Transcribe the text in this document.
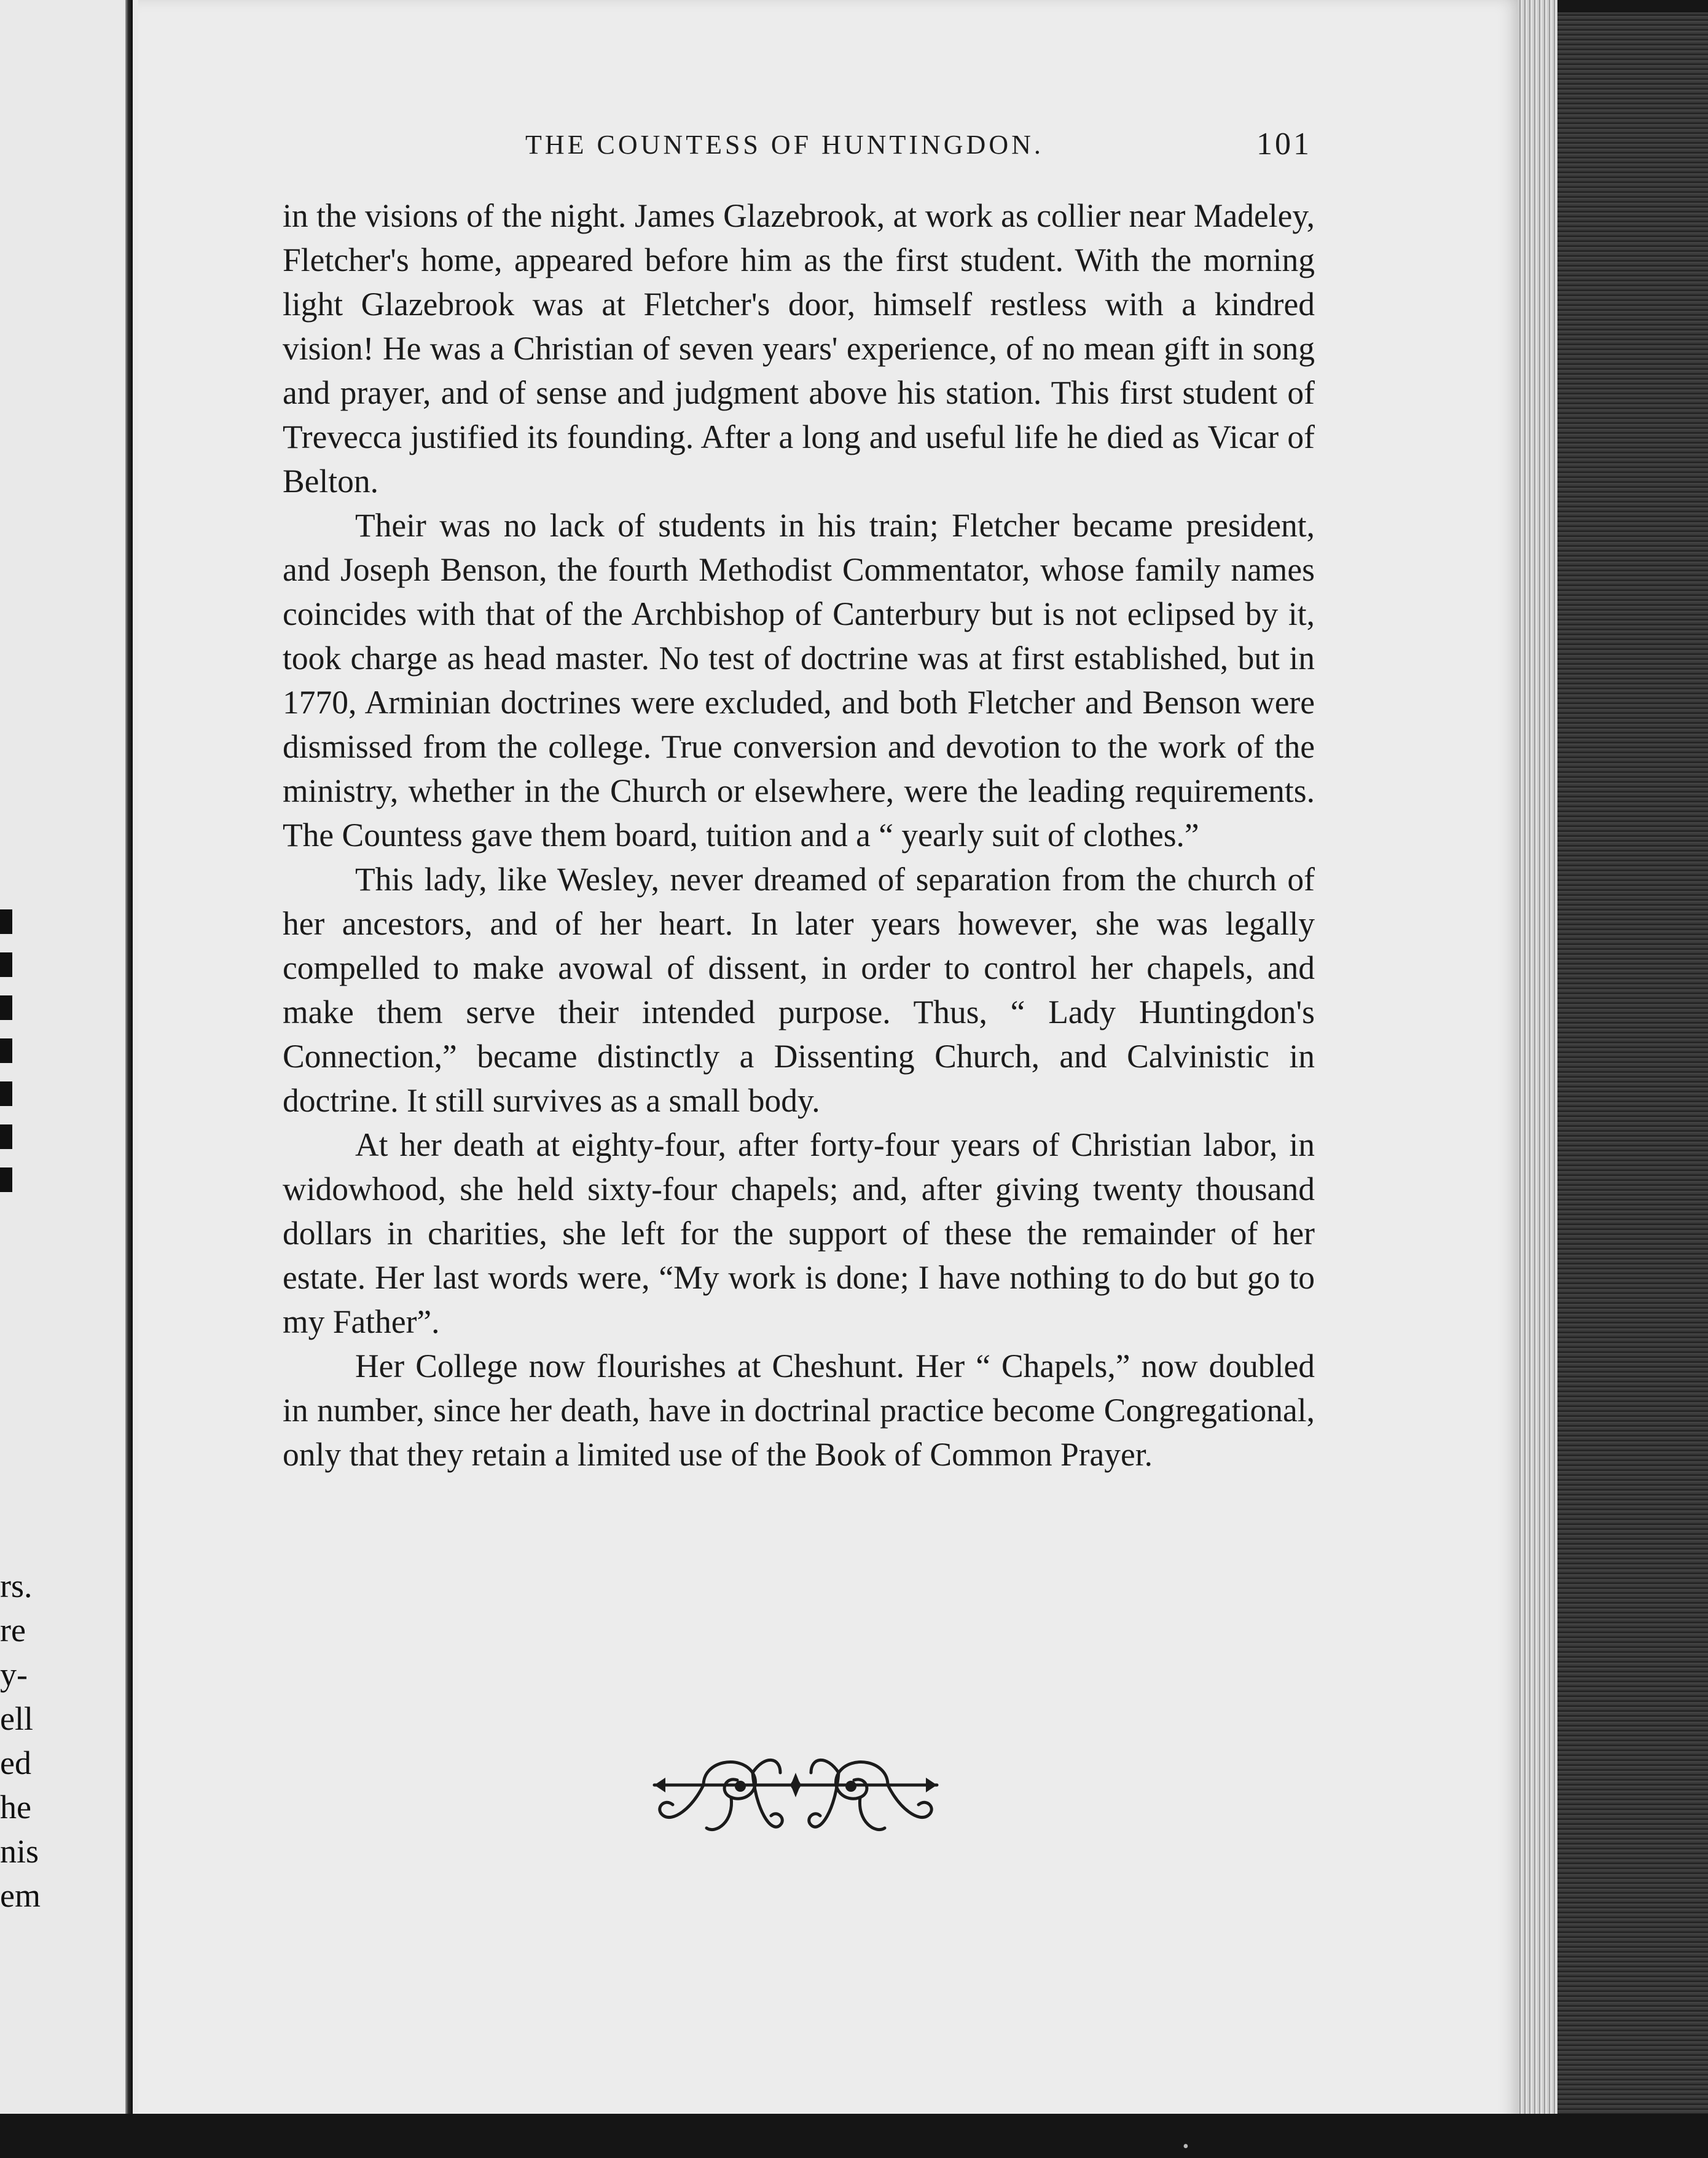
rs.
re
y-
ell
ed
he
nis
em
THE COUNTESS OF HUNTINGDON.	101

in the visions of the night. James Glazebrook, at work as collier near Madeley, Fletcher's home, appeared before him as the first student. With the morning light Glazebrook was at Fletcher's door, himself restless with a kindred vision! He was a Christian of seven years' experience, of no mean gift in song and prayer, and of sense and judgment above his station. This first student of Trevecca justified its founding. After a long and useful life he died as Vicar of Belton.

Their was no lack of students in his train; Fletcher became president, and Joseph Benson, the fourth Methodist Commentator, whose family names coincides with that of the Archbishop of Canterbury but is not eclipsed by it, took charge as head master. No test of doctrine was at first established, but in 1770, Arminian doctrines were excluded, and both Fletcher and Benson were dismissed from the college. True conversion and devotion to the work of the ministry, whether in the Church or elsewhere, were the leading requirements. The Countess gave them board, tuition and a “ yearly suit of clothes.”

This lady, like Wesley, never dreamed of separation from the church of her ancestors, and of her heart. In later years however, she was legally compelled to make avowal of dissent, in order to control her chapels, and make them serve their intended purpose. Thus, “ Lady Huntingdon's Connection,” became distinctly a Dissenting Church, and Calvinistic in doctrine. It still survives as a small body.

At her death at eighty-four, after forty-four years of Christian labor, in widowhood, she held sixty-four chapels; and, after giving twenty thousand dollars in charities, she left for the support of these the remainder of her estate. Her last words were, “My work is done; I have nothing to do but go to my Father”.

Her College now flourishes at Cheshunt. Her “ Chapels,” now doubled in number, since her death, have in doctrinal practice become Congregational, only that they retain a limited use of the Book of Common Prayer.

•
